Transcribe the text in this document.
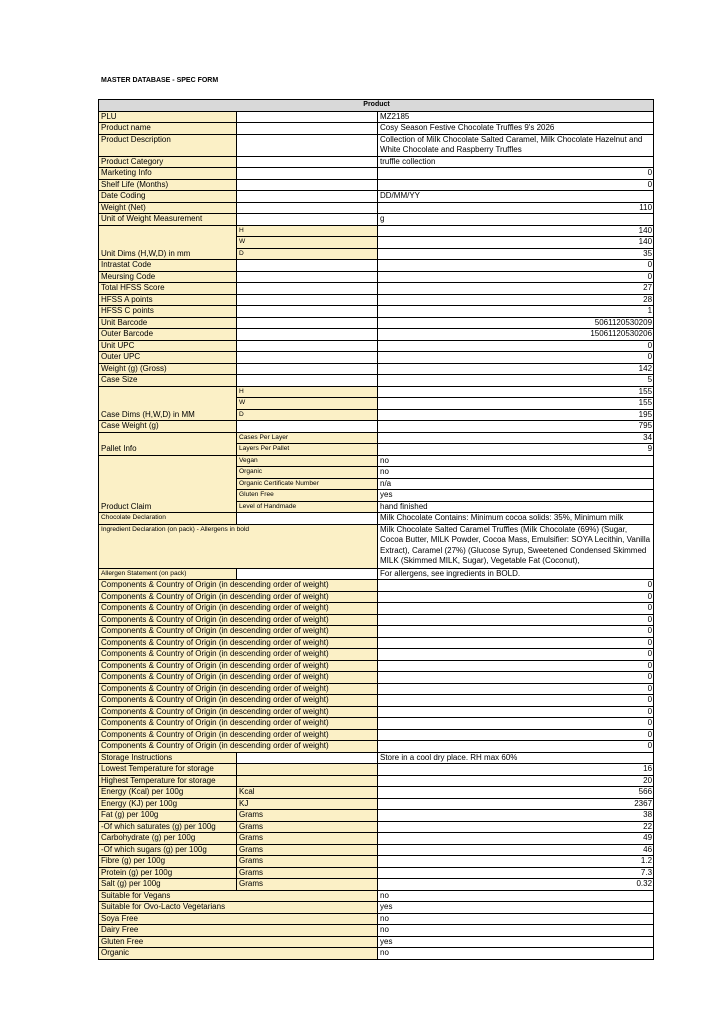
MASTER DATABASE - SPEC FORM
Product		
PLU		MZ2185
Product name		Cosy Season Festive Chocolate Truffles 9's 2026
Product Description		Collection of Milk Chocolate Salted Caramel, Milk Chocolate Hazelnut and White Chocolate and Raspberry Truffles
Product Category		truffle collection
Marketing Info		0
Shelf Life (Months)		0
Date Coding		DD/MM/YY
Weight (Net)		110
Unit of Weight Measurement		g
Unit Dims (H,W,D) in mm	H	140
	W	140
	D	35
Intrastat Code		0
Meursing Code		0
Total HFSS Score		27
HFSS A points		28
HFSS C points		1
Unit Barcode		5061120530209
Outer Barcode		15061120530206
Unit UPC		0
Outer UPC		0
Weight (g) (Gross)		142
Case Size		5
Case Dims (H,W,D) in MM	H	155
	W	155
	D	195
Case Weight (g)		795
Pallet Info	Cases Per Layer	34
	Layers Per Pallet	9
Product Claim	Vegan	no
	Organic	no
	Organic Certificate Number	n/a
	Gluten Free	yes
	Level of Handmade	hand finished
Chocolate Declaration		Milk Chocolate Contains: Minimum cocoa solids: 35%, Minimum milk
Ingredient Declaration (on pack) - Allergens in bold		Milk Chocolate Salted Caramel Truffles (Milk Chocolate (69%) (Sugar, Cocoa Butter, MILK Powder, Cocoa Mass, Emulsifier: SOYA Lecithin, Vanilla Extract), Caramel (27%) (Glucose Syrup, Sweetened Condensed Skimmed MILK (Skimmed MILK, Sugar), Vegetable Fat (Coconut),
Allergen Statement (on pack)		For allergens, see ingredients in BOLD.
Components & Country of Origin (in descending order of weight)		0
Components & Country of Origin (in descending order of weight)		0
Components & Country of Origin (in descending order of weight)		0
Components & Country of Origin (in descending order of weight)		0
Components & Country of Origin (in descending order of weight)		0
Components & Country of Origin (in descending order of weight)		0
Components & Country of Origin (in descending order of weight)		0
Components & Country of Origin (in descending order of weight)		0
Components & Country of Origin (in descending order of weight)		0
Components & Country of Origin (in descending order of weight)		0
Components & Country of Origin (in descending order of weight)		0
Components & Country of Origin (in descending order of weight)		0
Components & Country of Origin (in descending order of weight)		0
Components & Country of Origin (in descending order of weight)		0
Components & Country of Origin (in descending order of weight)		0
Storage Instructions		Store in a cool dry place. RH max 60%
Lowest Temperature for storage		16
Highest Temperature for storage		20
Energy (Kcal) per 100g	Kcal	566
Energy (KJ) per 100g	KJ	2367
Fat (g) per 100g	Grams	38
-Of which saturates (g) per 100g	Grams	22
Carbohydrate (g) per 100g	Grams	49
-Of which sugars (g) per 100g	Grams	46
Fibre (g) per 100g	Grams	1.2
Protein (g) per 100g	Grams	7.3
Salt (g) per 100g	Grams	0.32
Suitable for Vegans		no
Suitable for Ovo-Lacto Vegetarians		yes
Soya Free		no
Dairy Free		no
Gluten Free		yes
Organic		no
